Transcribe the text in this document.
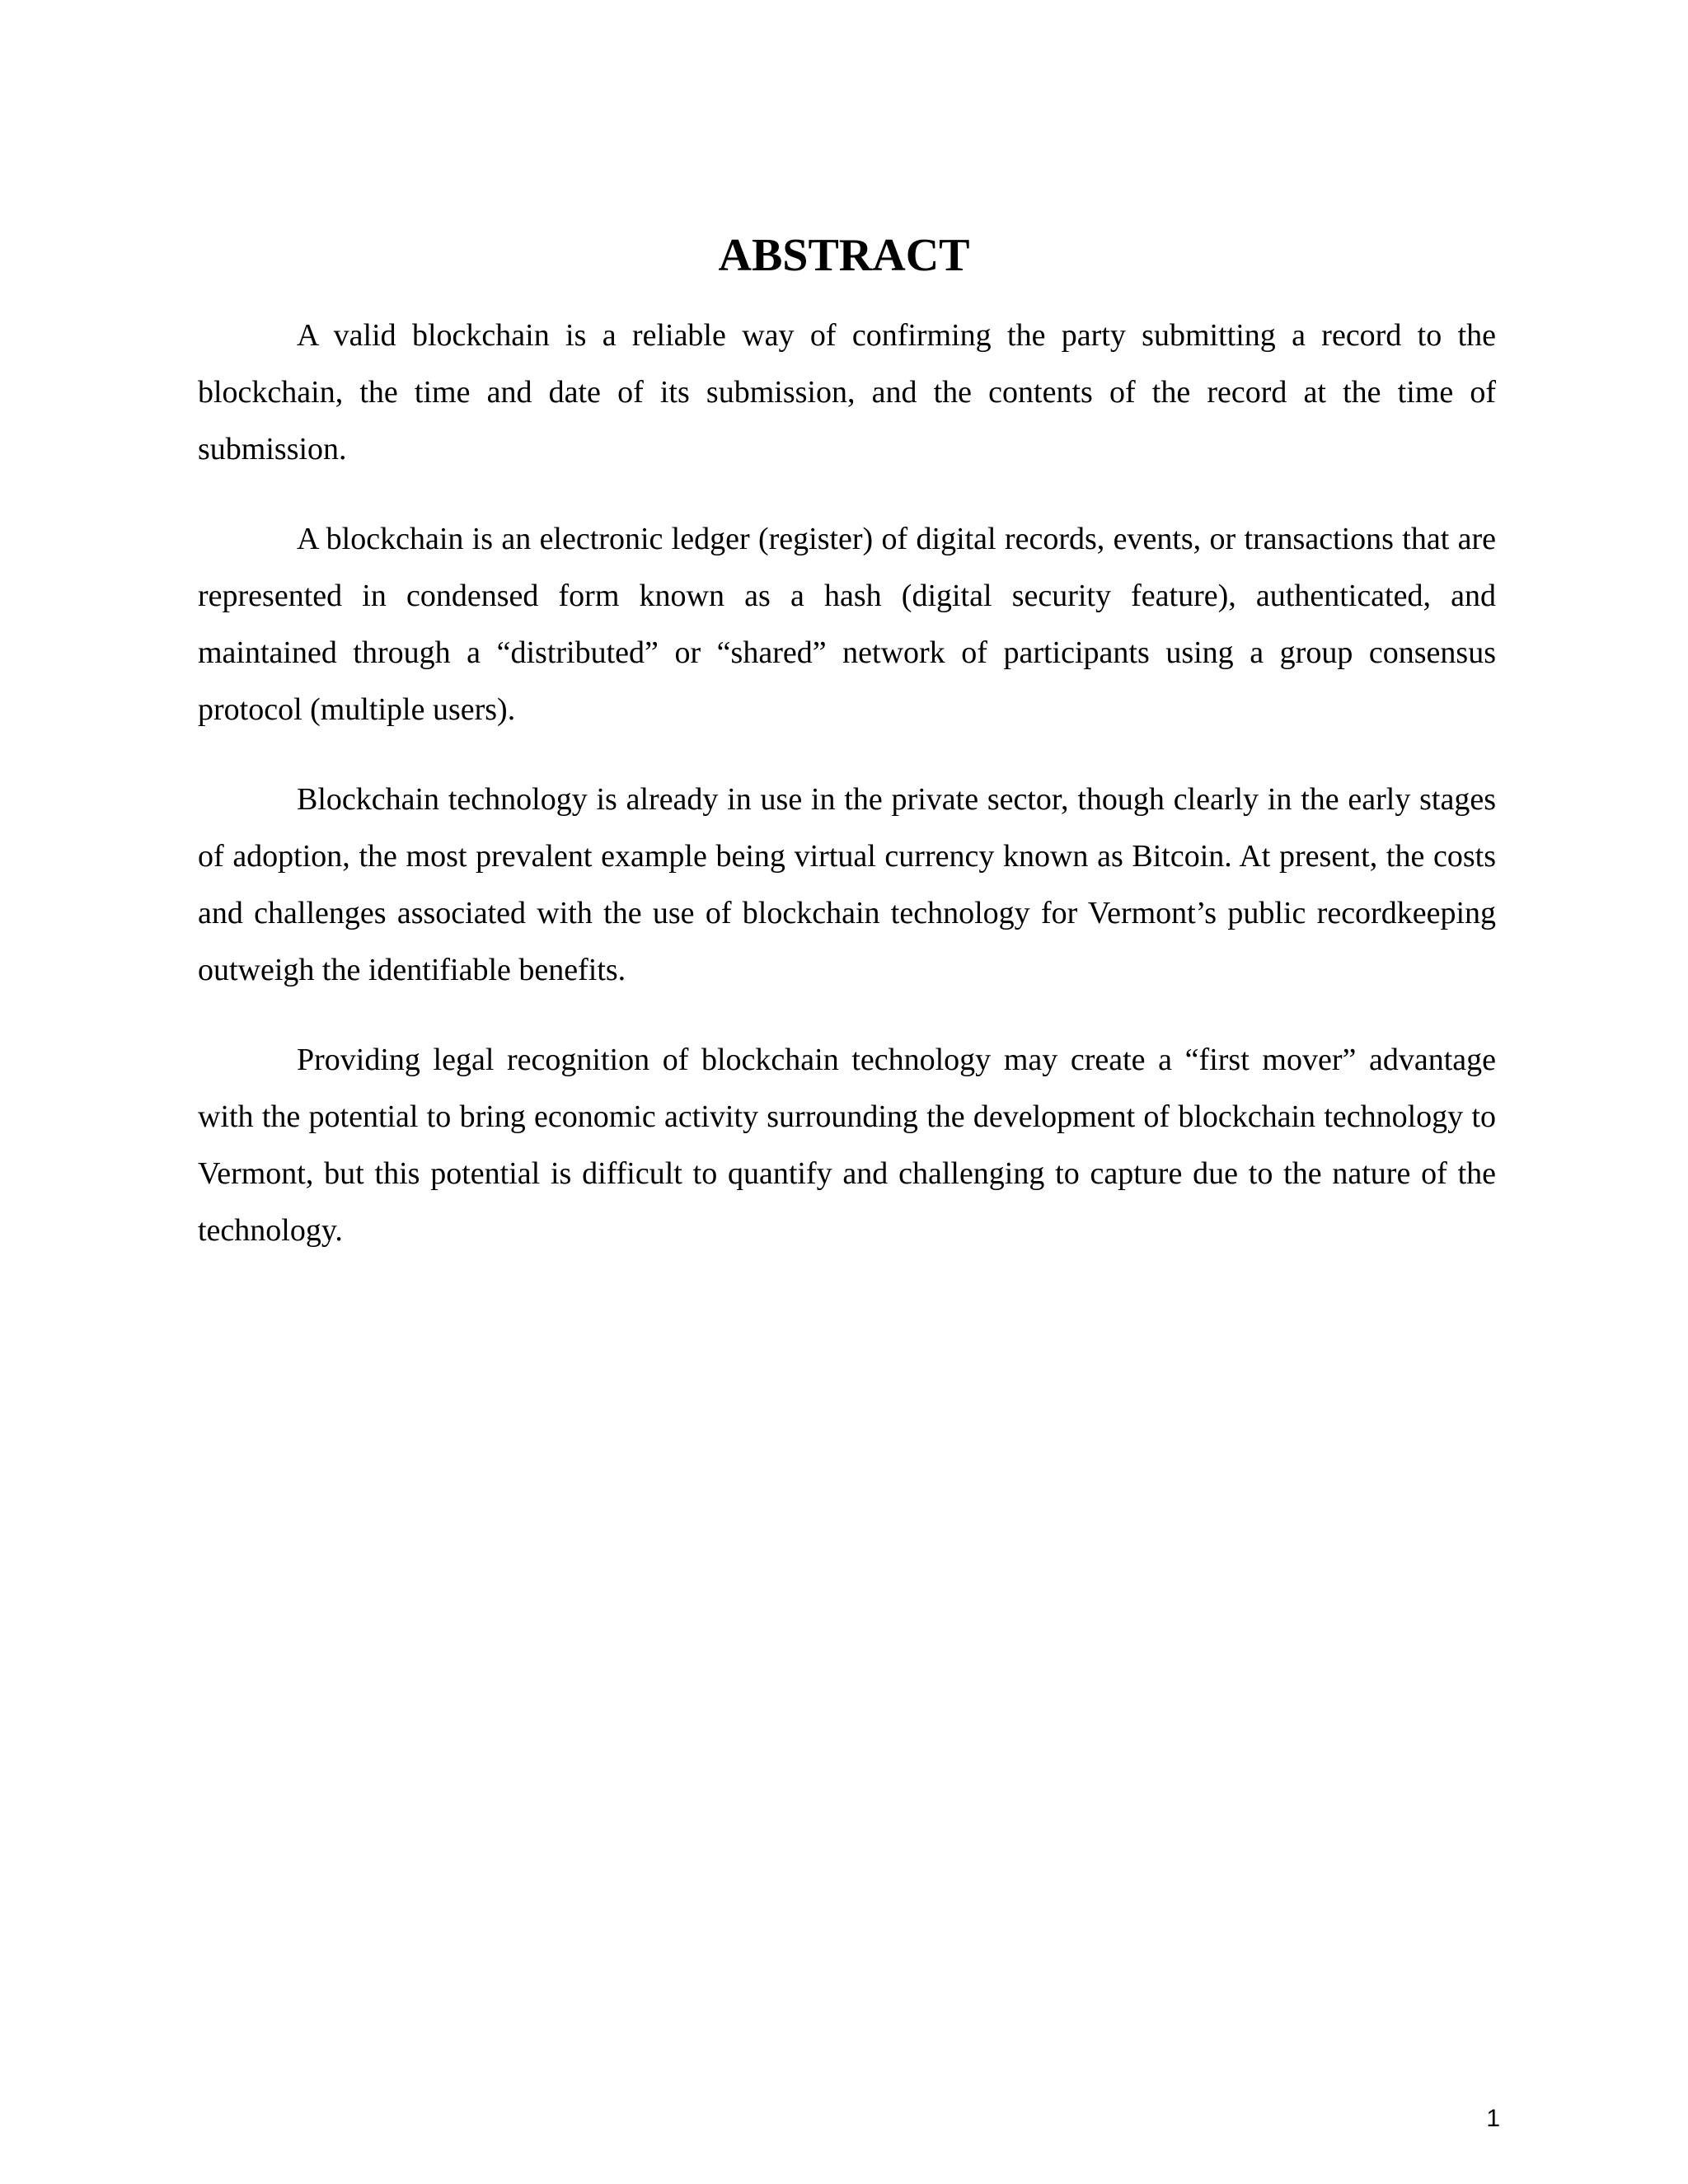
ABSTRACT

A valid blockchain is a reliable way of confirming the party submitting a record to the blockchain, the time and date of its submission, and the contents of the record at the time of submission.

A blockchain is an electronic ledger (register) of digital records, events, or transactions that are represented in condensed form known as a hash (digital security feature), authenticated, and maintained through a “distributed” or “shared” network of participants using a group consensus protocol (multiple users).

Blockchain technology is already in use in the private sector, though clearly in the early stages of adoption, the most prevalent example being virtual currency known as Bitcoin. At present, the costs and challenges associated with the use of blockchain technology for Vermont’s public recordkeeping outweigh the identifiable benefits.

Providing legal recognition of blockchain technology may create a “first mover” advantage with the potential to bring economic activity surrounding the development of blockchain technology to Vermont, but this potential is difficult to quantify and challenging to capture due to the nature of the technology.

1
